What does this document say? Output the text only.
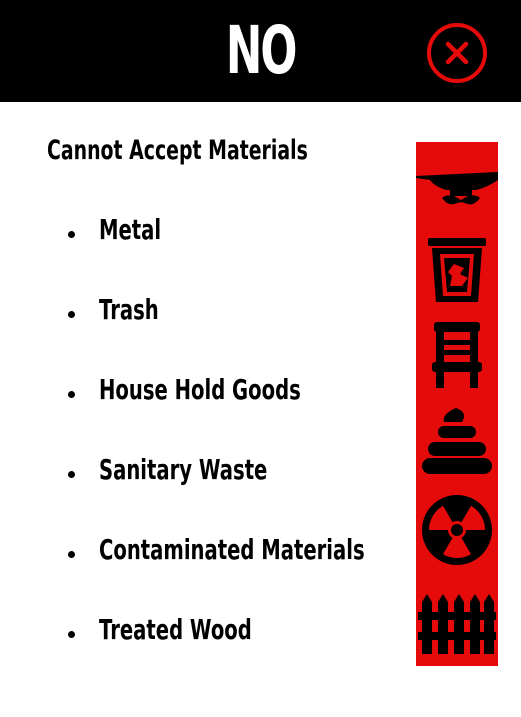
NO
Cannot Accept Materials
Metal
Trash
House Hold Goods
Sanitary Waste
Contaminated Materials
Treated Wood
